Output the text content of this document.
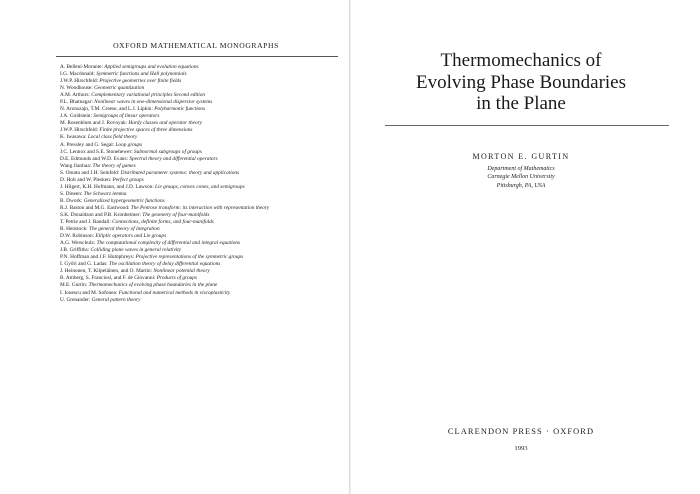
OXFORD MATHEMATICAL MONOGRAPHS
A. Belleni-Morante: Applied semigroups and evolution equations
I.G. Macdonald: Symmetric functions and Hall polynomials
J.W.P. Hirschfeld: Projective geometries over finite fields
N. Woodhouse: Geometric quantization
A.M. Arthurs: Complementary variational principles Second edition
P.L. Bhatnagar: Nonlinear waves in one-dimensional dispersive systems
N. Aronszajn, T.M. Creese, and L.J. Lipkin: Polyharmonic functions
J.A. Goldstein: Semigroups of linear operators
M. Rosenblum and J. Rovnyak: Hardy classes and operator theory
J.W.P. Hirschfeld: Finite projective spaces of three dimensions
K. Iwasawa: Local class field theory
A. Pressley and G. Segal: Loop groups
J.C. Lennox and S.E. Stonehewer: Subnormal subgroups of groups
D.E. Edmunds and W.D. Evans: Spectral theory and differential operators
Wang Jianhua: The theory of games
S. Omatu and J.H. Seinfeld: Distributed parameter systems: theory and applications
D. Holt and W. Plesken: Perfect groups
J. Hilgert, K.H. Hofmann, and J.D. Lawson: Lie groups, convex cones, and semigroups
S. Dineen: The Schwarz lemma
B. Dwork: Generalized hypergeometric functions
R.J. Baston and M.G. Eastwood: The Penrose transform: its interaction with representation theory
S.K. Donaldson and P.B. Kronheimer: The geometry of four-manifolds
T. Petrie and J. Randall: Connections, definite forms, and four-manifolds
R. Henstock: The general theory of integration
D.W. Robinson: Elliptic operators and Lie groups
A.G. Werschulz: The computational complexity of differential and integral equations
J.B. Griffiths: Colliding plane waves in general relativity
P.N. Hoffman and J.F. Humphreys: Projective representations of the symmetric groups
I. Győri and G. Ladas: The oscillation theory of delay differential equations
J. Heinonen, T. Kilpeläinen, and O. Martio: Nonlinear potential theory
B. Amberg, S. Franciosi, and F. de Giovanni: Products of groups
M.E. Gurtin: Thermomechanics of evolving phase boundaries in the plane
I. Ionescu and M. Sofonea: Functional and numerical methods in viscoplasticity
U. Grenander: General pattern theory
Thermomechanics of
Evolving Phase Boundaries
in the Plane
MORTON E. GURTIN
Department of Mathematics
Carnegie Mellon University
Pittsburgh, PA, USA
CLARENDON PRESS · OXFORD
1993
